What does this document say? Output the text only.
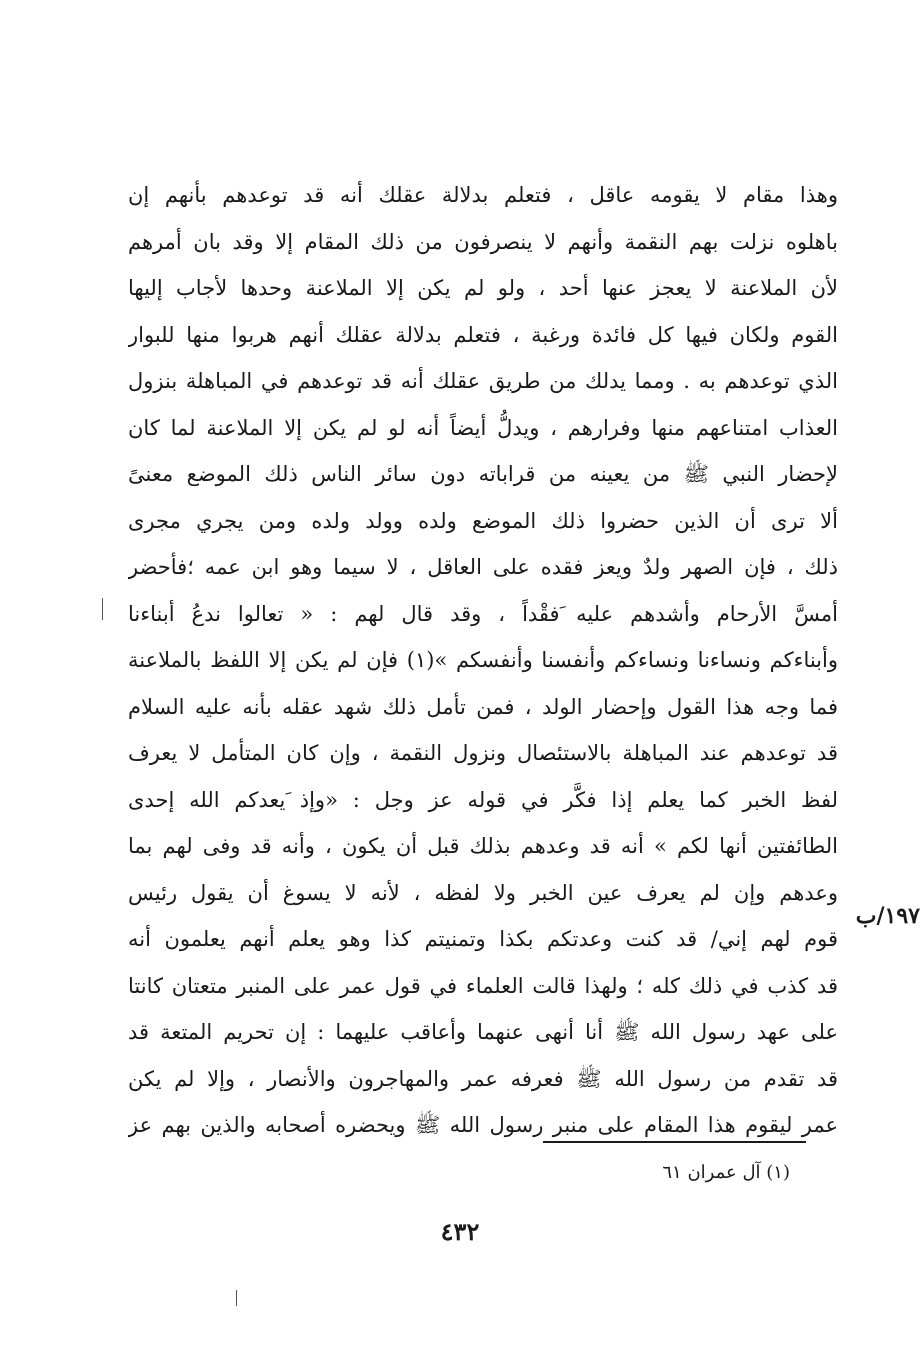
وهذا مقام لا يقومه عاقل ، فتعلم بدلالة عقلك أنه قد توعدهم بأنهم إن
باهلوه نزلت بهم النقمة وأنهم لا ينصرفون من ذلك المقام إلا وقد بان أمرهم
لأن الملاعنة لا يعجز عنها أحد ، ولو لم يكن إلا الملاعنة وحدها لأجاب إليها
القوم ولكان فيها كل فائدة ورغبة ، فتعلم بدلالة عقلك أنهم هربوا منها للبوار
الذي توعدهم به . ومما يدلك من طريق عقلك أنه قد توعدهم في المباهلة بنزول
العذاب امتناعهم منها وفرارهم ، ويدلُّ أيضاً أنه لو لم يكن إلا الملاعنة لما كان
لإحضار النبي ﷺ من يعينه من قراباته دون سائر الناس ذلك الموضع معنىً
ألا ترى أن الذين حضروا ذلك الموضع ولده وولد ولده ومن يجري مجرى
ذلك ، فإن الصهر ولدٌ ويعز فقده على العاقل ، لا سيما وهو ابن عمه ؛فأحضر
أمسَّ الأرحام وأشدهم عليه َفقْداً ، وقد قال لهم : « تعالوا ندعُ أبناءنا
وأبناءكم ونساءنا ونساءكم وأنفسنا وأنفسكم »(١) فإن لم يكن إلا اللفظ بالملاعنة
فما وجه هذا القول وإحضار الولد ، فمن تأمل ذلك شهد عقله بأنه عليه السلام
قد توعدهم عند المباهلة بالاستئصال ونزول النقمة ، وإن كان المتأمل لا يعرف
لفظ الخبر كما يعلم إذا فكَّر في قوله عز وجل : «وإذ َيعدكم الله إحدى
الطائفتين أنها لكم » أنه قد وعدهم بذلك قبل أن يكون ، وأنه قد وفى لهم بما
وعدهم وإن لم يعرف عين الخبر ولا لفظه ، لأنه لا يسوغ أن يقول رئيس
قوم لهم إني/ قد كنت وعدتكم بكذا وتمنيتم كذا وهو يعلم أنهم يعلمون أنه
قد كذب في ذلك كله ؛ ولهذا قالت العلماء في قول عمر على المنبر متعتان كانتا
على عهد رسول الله ﷺ أنا أنهى عنهما وأعاقب عليهما : إن تحريم المتعة قد
قد تقدم من رسول الله ﷺ فعرفه عمر والمهاجرون والأنصار ، وإلا لم يكن
عمر ليقوم هذا المقام على منبر رسول الله ﷺ ويحضره أصحابه والذين بهم عز
١٩٧/ب
(١) آل عمران ٦١
٤٣٢
